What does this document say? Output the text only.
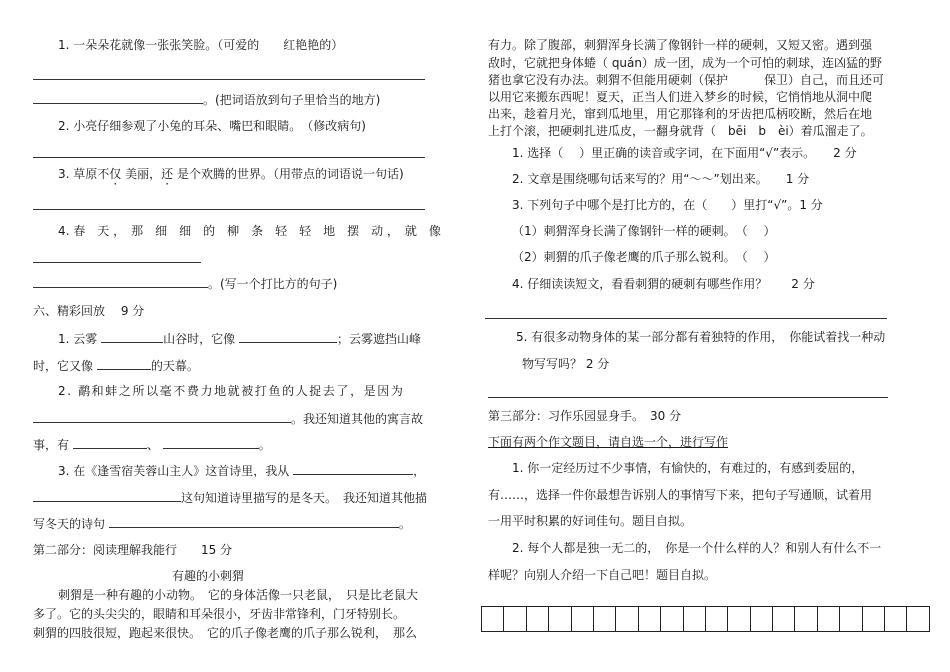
1. 一朵朵花就像一张张笑脸。（可爱的　　红艳艳的）
。(把词语放到句子里恰当的地方)
2. 小亮仔细参观了小兔的耳朵、嘴巴和眼睛。　（修改病句)
3. 草原不仅 美丽，还 是个欢腾的世界。（用带点的词语说一句话)
4. 春　天 ，　那　细　细　的　柳　条　轻　轻　地　摆　动 ，　就　像
。(写一个打比方的句子)
六、精彩回放　 9 分
1. 云雾	山谷时，它像	；云雾遮挡山峰
时，它又像	的天幕。
2. 鹬和蚌之所以毫不费力地就被打鱼的人捉去了，是因为
。我还知道其他的寓言故
事，有	、	。
3. 在《逢雪宿芙蓉山主人》这首诗里，我从	，
这句知道诗里描写的是冬天。　我还知道其他描
写冬天的诗句	。
第二部分：阅读理解我能行　　15 分
有趣的小刺猬
刺猬是一种有趣的小动物。　它的身体活像一只老鼠，　只是比老鼠大
多了。它的头尖尖的，眼睛和耳朵很小，牙齿非常锋利，门牙特别长。
刺猬的四肢很短，跑起来很快。　它的爪子像老鹰的爪子那么锐利，　那么
有力。除了腹部，刺猬浑身长满了像钢针一样的硬刺，又短又密。遇到强
敌时，它就把身体蜷（ quán）成一团，成为一个可怕的刺球，连凶猛的野
猪也拿它没有办法。刺猬不但能用硬刺（保护　　　保卫）自己，而且还可
以用它来搬东西呢！夏天，正当人们进入梦乡的时候，它悄悄地从洞中爬
出来，趁着月光，窜到瓜地里，用它那锋利的牙齿把瓜柄咬断，然后在地
上打个滚，把硬刺扎进瓜皮，一翻身就背（　bēi　b　èi）着瓜溜走了。
1. 选择（　 ）里正确的读音或字词，在下面用“√”表示。　　2 分
2. 文章是围绕哪句话来写的？用“～～”划出来。　　1 分
3. 下列句子中哪个是打比方的，在（　　）里打“√”。1 分
（1）刺猬浑身长满了像钢针一样的硬刺。　（　 ）
（2）刺猬的爪子像老鹰的爪子那么锐利。　（　 ）
4. 仔细读读短文，看看刺猬的硬刺有哪些作用？　　2 分
5. 有很多动物身体的某一部分都有着独特的作用，　你能试着找一种动
物写写吗？ 2 分
第三部分：习作乐园显身手。　30 分
下面有两个作文题目，请自选一个，进行写作
1. 你一定经历过不少事情，有愉快的，有难过的，有感到委屈的，
有……，选择一件你最想告诉别人的事情写下来，把句子写通顺，试着用
一用平时积累的好词佳句。题目自拟。
2. 每个人都是独一无二的，　你是一个什么样的人？和别人有什么不一
样呢？向别人介绍一下自己吧！题目自拟。
